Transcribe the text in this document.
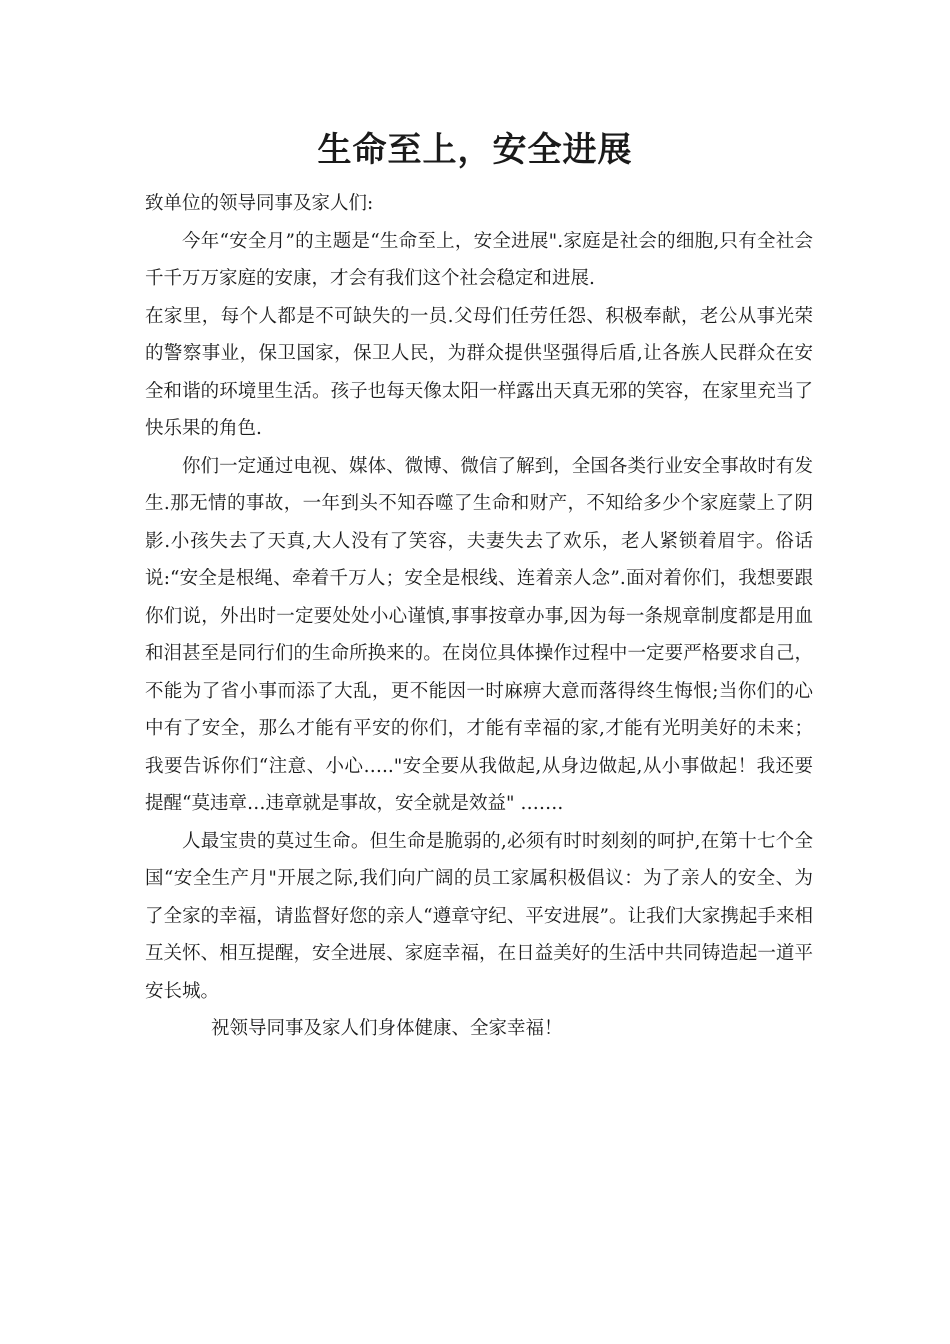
生命至上，安全进展

致单位的领导同事及家人们:

今年“安全月”的主题是“生命至上，安全进展".家庭是社会的细胞,只有全社会千千万万家庭的安康，才会有我们这个社会稳定和进展.

在家里，每个人都是不可缺失的一员.父母们任劳任怨、积极奉献，老公从事光荣的警察事业，保卫国家，保卫人民，为群众提供坚强得后盾,让各族人民群众在安全和谐的环境里生活。孩子也每天像太阳一样露出天真无邪的笑容，在家里充当了快乐果的角色.

你们一定通过电视、媒体、微博、微信了解到，全国各类行业安全事故时有发生.那无情的事故，一年到头不知吞噬了生命和财产，不知给多少个家庭蒙上了阴影.小孩失去了天真,大人没有了笑容，夫妻失去了欢乐，老人紧锁着眉宇。俗话说:“安全是根绳、牵着千万人；安全是根线、连着亲人念”.面对着你们，我想要跟你们说，外出时一定要处处小心谨慎,事事按章办事,因为每一条规章制度都是用血和泪甚至是同行们的生命所换来的。在岗位具体操作过程中一定要严格要求自己，不能为了省小事而添了大乱，更不能因一时麻痹大意而落得终生悔恨;当你们的心中有了安全，那么才能有平安的你们，才能有幸福的家,才能有光明美好的未来；我要告诉你们“注意、小心….."安全要从我做起,从身边做起,从小事做起！我还要提醒“莫违章…违章就是事故，安全就是效益" …….

人最宝贵的莫过生命。但生命是脆弱的,必须有时时刻刻的呵护,在第十七个全国“安全生产月"开展之际,我们向广阔的员工家属积极倡议：为了亲人的安全、为了全家的幸福，请监督好您的亲人“遵章守纪、平安进展”。让我们大家携起手来相互关怀、相互提醒，安全进展、家庭幸福，在日益美好的生活中共同铸造起一道平安长城。

祝领导同事及家人们身体健康、全家幸福！
